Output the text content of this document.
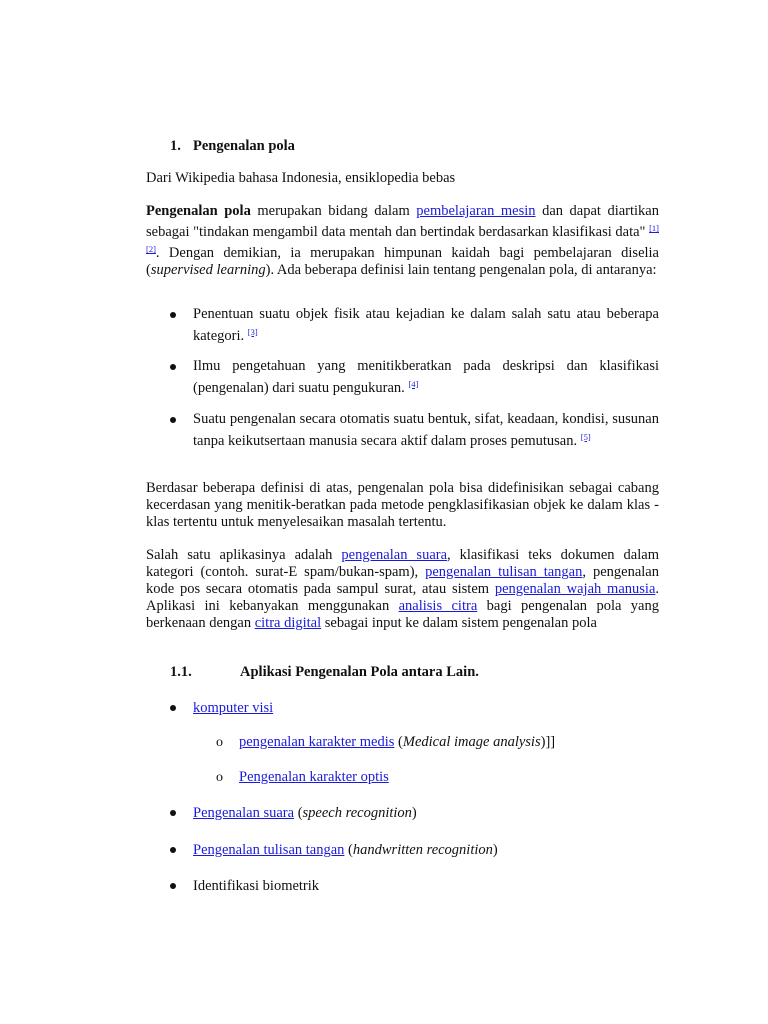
1. Pengenalan pola
Dari Wikipedia bahasa Indonesia, ensiklopedia bebas
Pengenalan pola merupakan bidang dalam pembelajaran mesin dan dapat diartikan sebagai "tindakan mengambil data mentah dan bertindak berdasarkan klasifikasi data" [1] [2]. Dengan demikian, ia merupakan himpunan kaidah bagi pembelajaran diselia (supervised learning). Ada beberapa definisi lain tentang pengenalan pola, di antaranya:
Penentuan suatu objek fisik atau kejadian ke dalam salah satu atau beberapa kategori. [3]
Ilmu pengetahuan yang menitikberatkan pada deskripsi dan klasifikasi (pengenalan) dari suatu pengukuran. [4]
Suatu pengenalan secara otomatis suatu bentuk, sifat, keadaan, kondisi, susunan tanpa keikutsertaan manusia secara aktif dalam proses pemutusan. [5]
Berdasar beberapa definisi di atas, pengenalan pola bisa didefinisikan sebagai cabang kecerdasan yang menitik-beratkan pada metode pengklasifikasian objek ke dalam klas - klas tertentu untuk menyelesaikan masalah tertentu.
Salah satu aplikasinya adalah pengenalan suara, klasifikasi teks dokumen dalam kategori (contoh. surat-E spam/bukan-spam), pengenalan tulisan tangan, pengenalan kode pos secara otomatis pada sampul surat, atau sistem pengenalan wajah manusia. Aplikasi ini kebanyakan menggunakan analisis citra bagi pengenalan pola yang berkenaan dengan citra digital sebagai input ke dalam sistem pengenalan pola
1.1.	Aplikasi Pengenalan Pola antara Lain.
komputer visi
o pengenalan karakter medis (Medical image analysis)]]
o Pengenalan karakter optis
Pengenalan suara (speech recognition)
Pengenalan tulisan tangan (handwritten recognition)
Identifikasi biometrik
